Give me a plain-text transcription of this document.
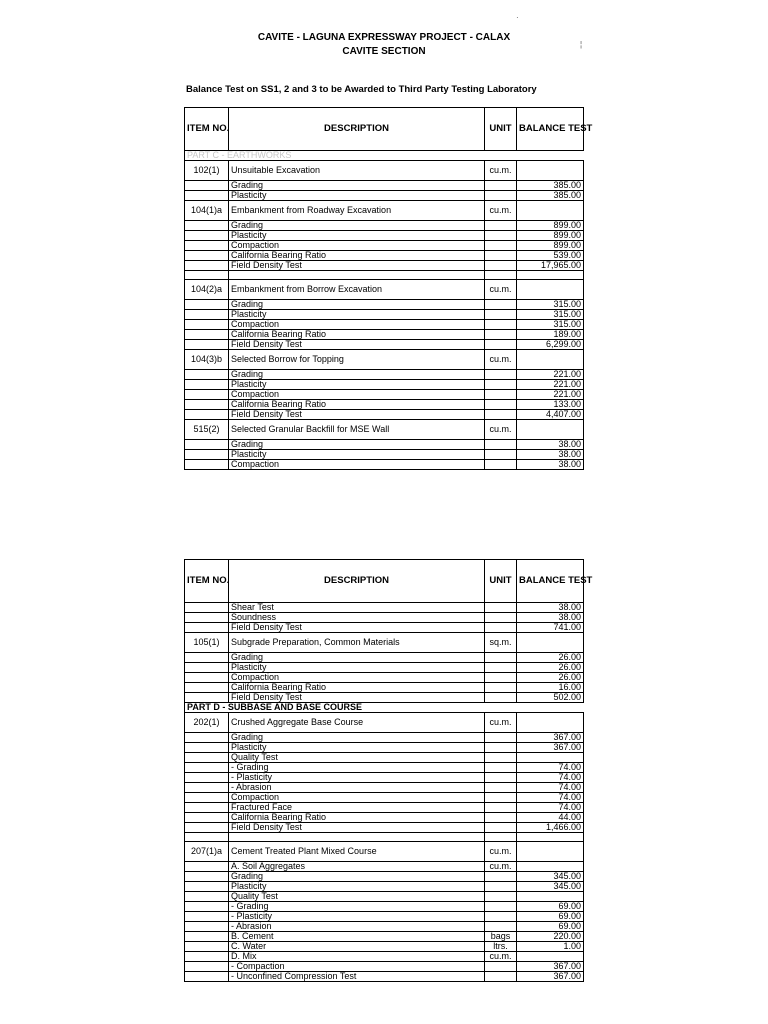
CAVITE - LAGUNA EXPRESSWAY PROJECT - CALAX
CAVITE SECTION
Balance Test on SS1, 2 and 3 to be Awarded to Third Party Testing Laboratory
·
¦
ITEM NO.	DESCRIPTION	UNIT	BALANCE TEST
PART C - EARTHWORKS			
102(1)	Unsuitable Excavation	cu.m.	
	Grading		385.00
	Plasticity		385.00
104(1)a	Embankment from Roadway Excavation	cu.m.	
	Grading		899.00
	Plasticity		899.00
	Compaction		899.00
	California Bearing Ratio		539.00
	Field Density Test		17,965.00

104(2)a	Embankment from Borrow Excavation	cu.m.	
	Grading		315.00
	Plasticity		315.00
	Compaction		315.00
	California Bearing Ratio		189.00
	Field Density Test		6,299.00
104(3)b	Selected Borrow for Topping	cu.m.	
	Grading		221.00
	Plasticity		221.00
	Compaction		221.00
	California Bearing Ratio		133.00
	Field Density Test		4,407.00
515(2)	Selected Granular Backfill for MSE Wall	cu.m.	
	Grading		38.00
	Plasticity		38.00
	Compaction		38.00
ITEM NO.	DESCRIPTION	UNIT	BALANCE TEST
	Shear Test		38.00
	Soundness		38.00
	Field Density Test		741.00
105(1)	Subgrade Preparation, Common Materials	sq.m.	
	Grading		26.00
	Plasticity		26.00
	Compaction		26.00
	California Bearing Ratio		16.00
	Field Density Test		502.00
PART D - SUBBASE AND BASE COURSE			
202(1)	Crushed Aggregate Base Course	cu.m.	
	Grading		367.00
	Plasticity		367.00
	Quality Test		
	- Grading		74.00
	- Plasticity		74.00
	- Abrasion		74.00
	Compaction		74.00
	Fractured Face		74.00
	California Bearing Ratio		44.00
	Field Density Test		1,466.00

207(1)a	Cement Treated Plant Mixed Course	cu.m.	
	A. Soil Aggregates	cu.m.	
	Grading		345.00
	Plasticity		345.00
	Quality Test		
	- Grading		69.00
	- Plasticity		69.00
	- Abrasion		69.00
	B. Cement	bags	220.00
	C. Water	ltrs.	1.00
	D. Mix	cu.m.	
	- Compaction		367.00
	- Unconfined Compression Test		367.00
